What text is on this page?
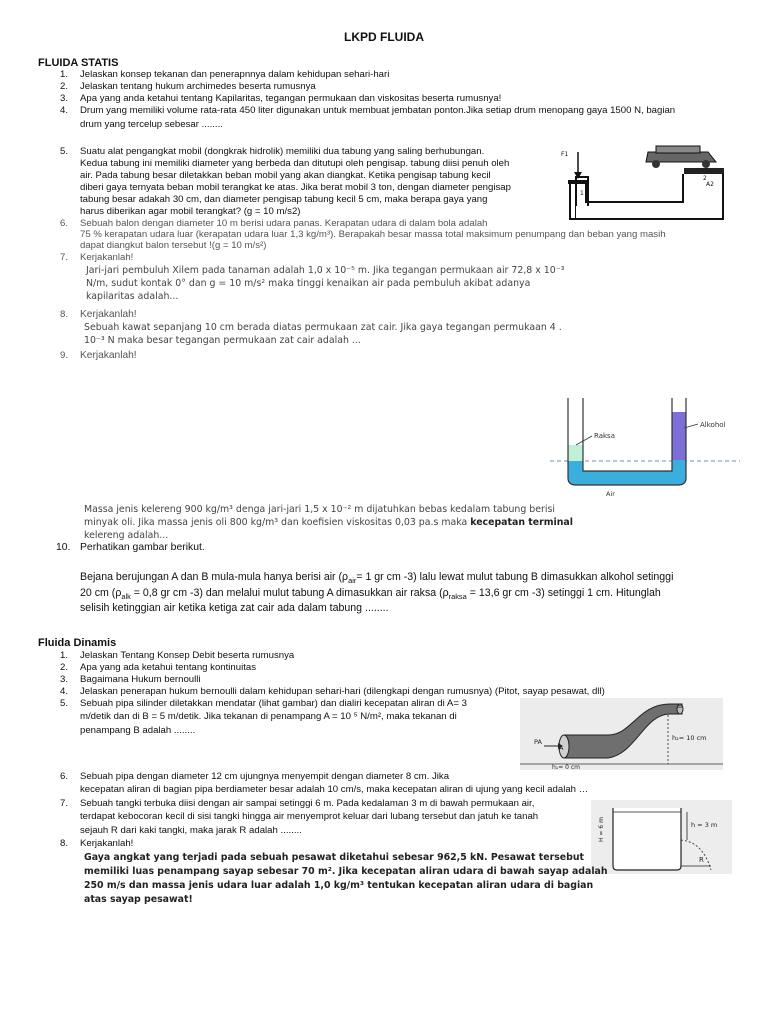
LKPD FLUIDA
FLUIDA STATIS
1. Jelaskan konsep tekanan dan penerapnnya dalam kehidupan sehari-hari
2. Jelaskan tentang hukum archimedes beserta rumusnya
3. Apa yang anda ketahui tentang Kapilaritas, tegangan permukaan dan viskositas beserta rumusnya!
4. Drum yang memiliki volume rata-rata 450 liter digunakan untuk membuat jembatan ponton.Jika setiap drum menopang gaya 1500 N, bagian
drum yang tercelup sebesar ........
5. Suatu alat pengangkat mobil (dongkrak hidrolik) memiliki dua tabung yang saling berhubungan.
Kedua tabung ini memiliki diameter yang berbeda dan ditutupi oleh pengisap. tabung diisi penuh oleh
air. Pada tabung besar diletakkan beban mobil yang akan diangkat. Ketika pengisap tabung kecil
diberi gaya ternyata beban mobil terangkat ke atas. Jika berat mobil 3 ton, dengan diameter pengisap
tabung besar adakah 30 cm, dan diameter pengisap tabung kecil 5 cm, maka berapa gaya yang
harus diberikan agar mobil terangkat? (g = 10 m/s2)
F1
A2
1
2
6. Sebuah balon dengan diameter 10 m berisi udara panas. Kerapatan udara di dalam bola adalah
75 % kerapatan udara luar (kerapatan udara luar 1,3 kg/m³). Berapakah besar massa total maksimum penumpang dan beban yang masih
dapat diangkut balon tersebut !(g = 10 m/s²)
7. Kerjakanlah!
Jari-jari pembuluh Xilem pada tanaman adalah 1,0 x 10⁻⁵ m. Jika tegangan permukaan air 72,8 x 10⁻³
N/m, sudut kontak 0° dan g = 10 m/s² maka tinggi kenaikan air pada pembuluh akibat adanya
kapilaritas adalah...
8. Kerjakanlah!
Sebuah kawat sepanjang 10 cm berada diatas permukaan zat cair. Jika gaya tegangan permukaan 4 .
10⁻³ N maka besar tegangan permukaan zat cair adalah ...
9. Kerjakanlah!
Raksa
Alkohol
Air
Massa jenis kelereng 900 kg/m³ denga jari-jari 1,5 x 10⁻² m dijatuhkan bebas kedalam tabung berisi
minyak oli. Jika massa jenis oli 800 kg/m³ dan koefisien viskositas 0,03 pa.s maka kecepatan terminal
kelereng adalah...
10. Perhatikan gambar berikut.
Bejana berujungan A dan B mula-mula hanya berisi air ($\rho_{air}= 1$ gr cm -3) lalu lewat mulut tabung B dimasukkan alkohol setinggi
20 cm ($\rho_{alk} = 0,8$ gr cm -3) dan melalui mulut tabung A dimasukkan air raksa ($\rho_{raksa} = 13,6$ gr cm -3) setinggi 1 cm. Hitunglah
selisih ketinggian air ketika ketiga zat cair ada dalam tabung ........
Fluida Dinamis
1. Jelaskan Tentang Konsep Debit beserta rumusnya
2. Apa yang ada ketahui tentang kontinuitas
3. Bagaimana Hukum bernoulli
4. Jelaskan penerapan hukum bernoulli dalam kehidupan sehari-hari (dilengkapi dengan rumusnya) (Pitot, sayap pesawat, dll)
5. Sebuah pipa silinder diletakkan mendatar (lihat gambar) dan dialiri kecepatan aliran di A= 3
m/detik dan di B = 5 m/detik. Jika tekanan di penampang A = 10 ⁵ N/m², maka tekanan di
penampang B adalah ........
PA
A
B
h₂= 10 cm
h₁= 0 cm
6. Sebuah pipa dengan diameter 12 cm ujungnya menyempit dengan diameter 8 cm. Jika
kecepatan aliran di bagian pipa berdiameter besar adalah 10 cm/s, maka kecepatan aliran di ujung yang kecil adalah …
7. Sebuah tangki terbuka diisi dengan air sampai setinggi 6 m. Pada kedalaman 3 m di bawah permukaan air,
terdapat kebocoran kecil di sisi tangki hingga air menyemprot keluar dari lubang tersebut dan jatuh ke tanah
sejauh R dari kaki tangki, maka jarak R adalah ........	h = 3 m
H = 6 m
R
8. Kerjakanlah!
Gaya angkat yang terjadi pada sebuah pesawat diketahui sebesar 962,5 kN. Pesawat tersebut
memiliki luas penampang sayap sebesar 70 m². Jika kecepatan aliran udara di bawah sayap adalah
250 m/s dan massa jenis udara luar adalah 1,0 kg/m³ tentukan kecepatan aliran udara di bagian
atas sayap pesawat!
